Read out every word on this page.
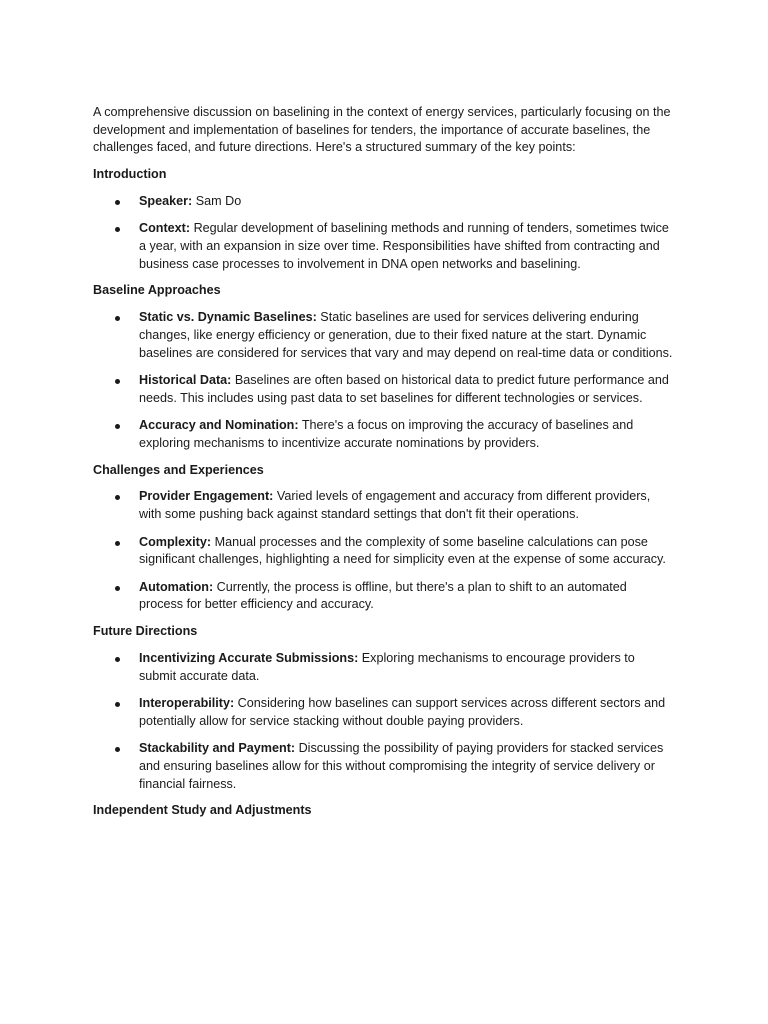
A comprehensive discussion on baselining in the context of energy services, particularly focusing on the development and implementation of baselines for tenders, the importance of accurate baselines, the challenges faced, and future directions. Here's a structured summary of the key points:

Introduction
Speaker: Sam Do
Context: Regular development of baselining methods and running of tenders, sometimes twice a year, with an expansion in size over time. Responsibilities have shifted from contracting and business case processes to involvement in DNA open networks and baselining.
Baseline Approaches
Static vs. Dynamic Baselines: Static baselines are used for services delivering enduring changes, like energy efficiency or generation, due to their fixed nature at the start. Dynamic baselines are considered for services that vary and may depend on real-time data or conditions.
Historical Data: Baselines are often based on historical data to predict future performance and needs. This includes using past data to set baselines for different technologies or services.
Accuracy and Nomination: There's a focus on improving the accuracy of baselines and exploring mechanisms to incentivize accurate nominations by providers.
Challenges and Experiences
Provider Engagement: Varied levels of engagement and accuracy from different providers, with some pushing back against standard settings that don't fit their operations.
Complexity: Manual processes and the complexity of some baseline calculations can pose significant challenges, highlighting a need for simplicity even at the expense of some accuracy.
Automation: Currently, the process is offline, but there's a plan to shift to an automated process for better efficiency and accuracy.
Future Directions
Incentivizing Accurate Submissions: Exploring mechanisms to encourage providers to submit accurate data.
Interoperability: Considering how baselines can support services across different sectors and potentially allow for service stacking without double paying providers.
Stackability and Payment: Discussing the possibility of paying providers for stacked services and ensuring baselines allow for this without compromising the integrity of service delivery or financial fairness.
Independent Study and Adjustments
